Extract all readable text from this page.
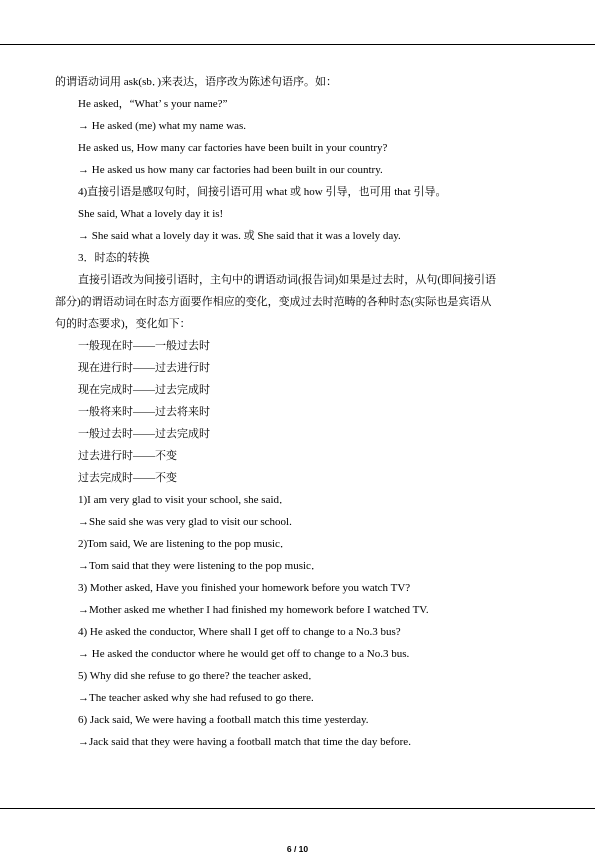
的谓语动词用 ask(sb．)来表达，语序改为陈述句语序。如：
He asked，“What’ s your name?”
→ He asked (me) what my name was.
He asked us, 󠀠How many car factories have been built in your country?󠀠
→ He asked us how many car factories had been built in our country.
4)直接引语是感叹句时，间接引语可用 what 或 how 引导，也可用 that 引导。
She said, 󠀠What a lovely day it is!󠀠
→ She said what a lovely day it was. 或 She said that it was a lovely day.
3．时态的转换
直接引语改为间接引语时，主句中的谓语动词(报告词)如果是过去时，从句(即间接引语
部分)的谓语动词在时态方面要作相应的变化，变成过去时范畴的各种时态(实际也是宾语从
句的时态要求)，变化如下：
一般现在时——一般过去时
现在进行时——过去进行时
现在完成时——过去完成时
一般将来时——过去将来时
一般过去时——过去完成时
过去进行时——不变
过去完成时——不变
1)󠀠I am very glad to visit your school󠀠, she said．
→She said she was very glad to visit our school.
2)Tom said, 󠀠We are listening to the pop music．󠀠
→Tom said that they were listening to the pop music．
3) Mother asked, 󠀠Have you finished your homework before you watch TV?󠀠
→Mother asked me whether I had finished my homework before I watched TV.
4) He asked the conductor, 󠀠Where shall I get off to change to a No.3 bus?󠀠
→ He asked the conductor where he would get off to change to a No.3 bus.
5) 󠀠Why did she refuse to go there? 󠀠the teacher asked．
→The teacher asked why she had refused to go there.
6) Jack said, 󠀠We were having a football match this time yesterday.󠀠
→Jack said that they were having a football match that time the day before.
6 / 10
